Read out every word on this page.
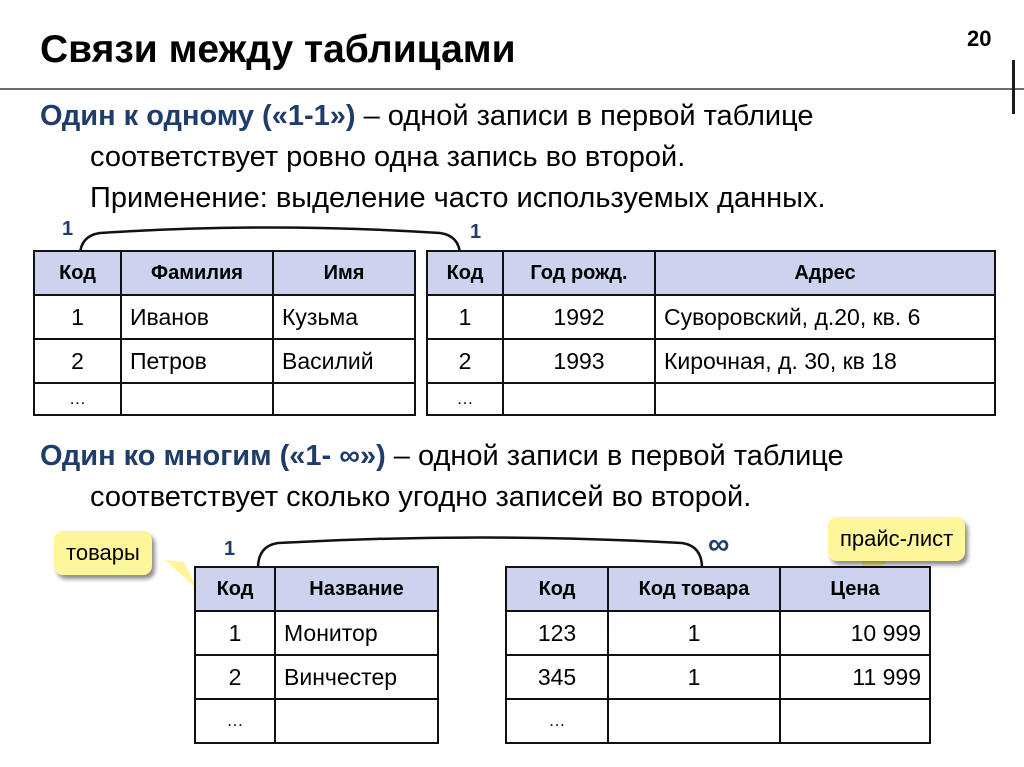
Связи между таблицами	20

Один к одному («1-1») – одной записи в первой таблице соответствует ровно одна запись во второй.

Применение: выделение часто используемых данных.

1	1
Код	Фамилия	Имя
1	Иванов	Кузьма
2	Петров	Василий
…		
Код	Год рожд.	Адрес
1	1992	Суворовский, д.20, кв. 6
2	1993	Кирочная, д. 30, кв 18
…		

Один ко многим («1- ∞») – одной записи в первой таблице соответствует сколько угодно записей во второй.

1	∞
товары
прайс-лист
Код	Название
1	Монитор
2	Винчестер
…	
Код	Код товара	Цена
123	1	10 999
345	1	11 999
…		
